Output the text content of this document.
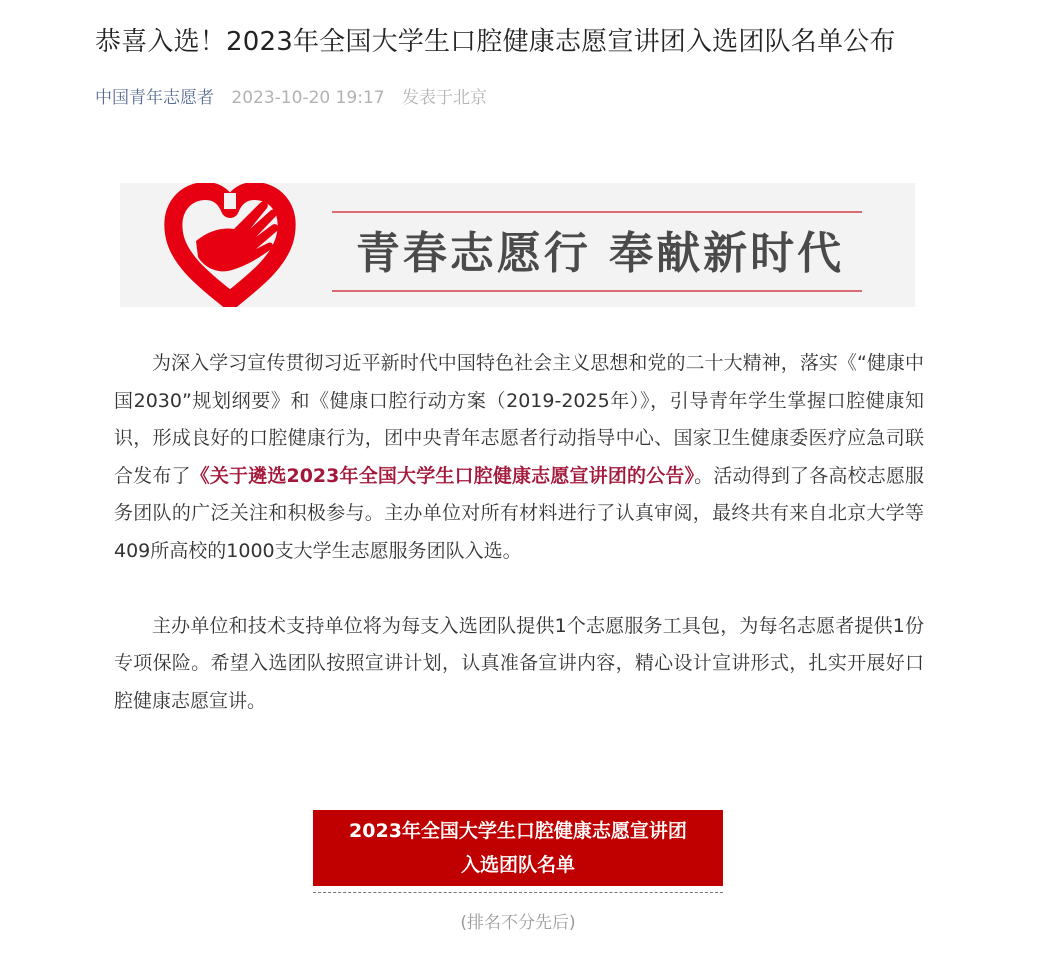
恭喜入选！2023年全国大学生口腔健康志愿宣讲团入选团队名单公布
中国青年志愿者 2023-10-20 19:17 发表于北京
青春志愿行 奉献新时代

为深入学习宣传贯彻习近平新时代中国特色社会主义思想和党的二十大精神，落实《“健康中国2030”规划纲要》和《健康口腔行动方案（2019-2025年）》，引导青年学生掌握口腔健康知识，形成良好的口腔健康行为，团中央青年志愿者行动指导中心、国家卫生健康委医疗应急司联合发布了《关于遴选2023年全国大学生口腔健康志愿宣讲团的公告》。活动得到了各高校志愿服务团队的广泛关注和积极参与。主办单位对所有材料进行了认真审阅，最终共有来自北京大学等409所高校的1000支大学生志愿服务团队入选。

主办单位和技术支持单位将为每支入选团队提供1个志愿服务工具包，为每名志愿者提供1份专项保险。希望入选团队按照宣讲计划，认真准备宣讲内容，精心设计宣讲形式，扎实开展好口腔健康志愿宣讲。

2023年全国大学生口腔健康志愿宣讲团
入选团队名单
(排名不分先后)
